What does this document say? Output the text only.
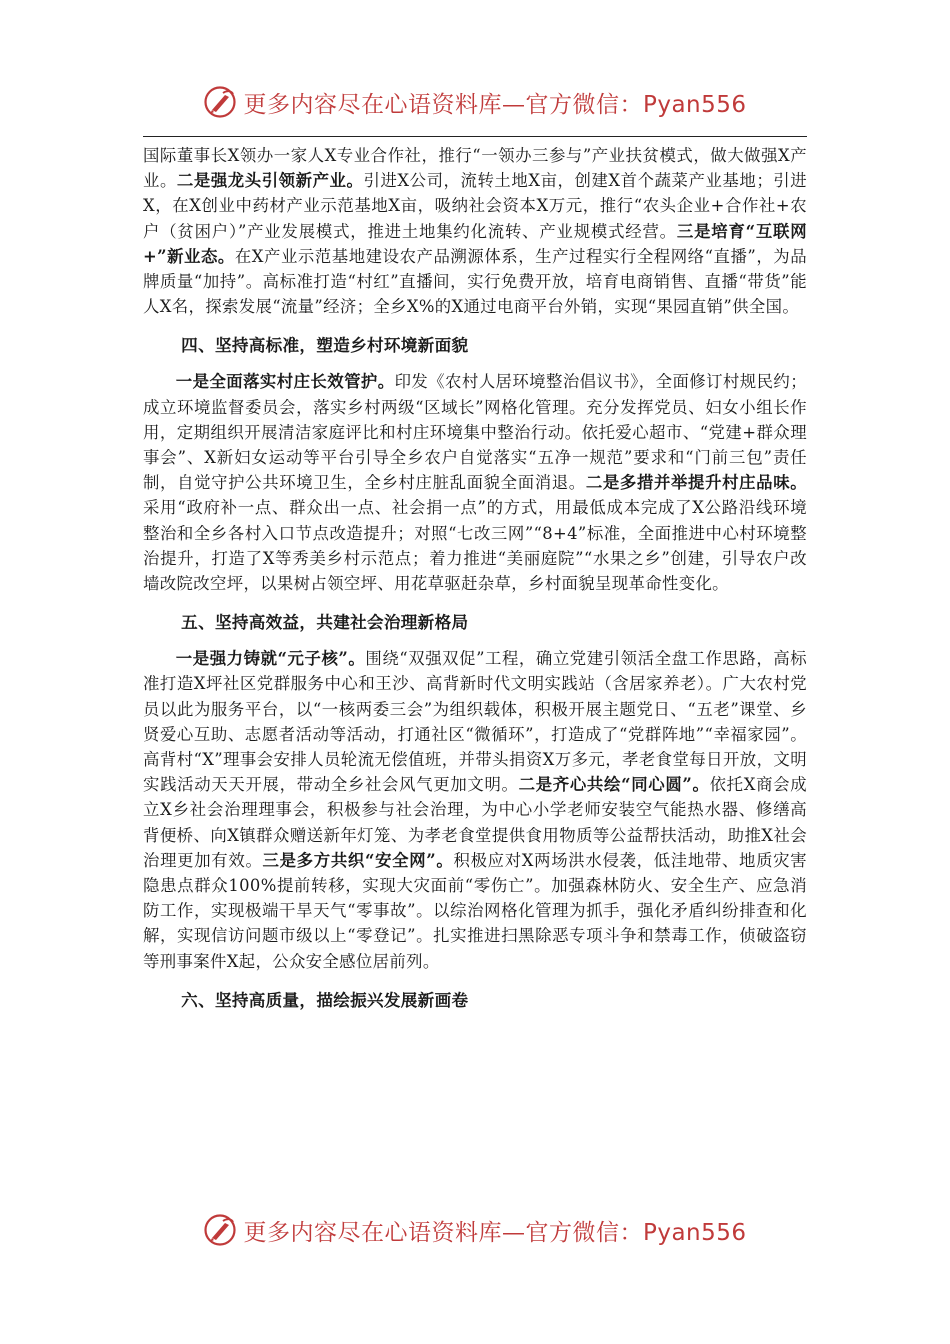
更多内容尽在心语资料库—官方微信：Pyan556

国际董事长X领办一家人X专业合作社，推行“一领办三参与”产业扶贫模式，做大做强X产业。二是强龙头引领新产业。引进X公司，流转土地X亩，创建X首个蔬菜产业基地；引进X，在X创业中药材产业示范基地X亩，吸纳社会资本X万元，推行“农头企业+合作社+农户（贫困户）”产业发展模式，推进土地集约化流转、产业规模式经营。三是培育“互联网+”新业态。在X产业示范基地建设农产品溯源体系，生产过程实行全程网络“直播”，为品牌质量“加持”。高标准打造“村红”直播间，实行免费开放，培育电商销售、直播“带货”能人X名，探索发展“流量”经济；全乡X%的X通过电商平台外销，实现“果园直销”供全国。

四、坚持高标准，塑造乡村环境新面貌

一是全面落实村庄长效管护。印发《农村人居环境整治倡议书》，全面修订村规民约；成立环境监督委员会，落实乡村两级“区域长”网格化管理。充分发挥党员、妇女小组长作用，定期组织开展清洁家庭评比和村庄环境集中整治行动。依托爱心超市、“党建+群众理事会”、X新妇女运动等平台引导全乡农户自觉落实“五净一规范”要求和“门前三包”责任制，自觉守护公共环境卫生，全乡村庄脏乱面貌全面消退。二是多措并举提升村庄品味。采用“政府补一点、群众出一点、社会捐一点”的方式，用最低成本完成了X公路沿线环境整治和全乡各村入口节点改造提升；对照“七改三网”“8+4”标准，全面推进中心村环境整治提升，打造了X等秀美乡村示范点；着力推进“美丽庭院”“水果之乡”创建，引导农户改墙改院改空坪，以果树占领空坪、用花草驱赶杂草，乡村面貌呈现革命性变化。

五、坚持高效益，共建社会治理新格局

一是强力铸就“元子核”。围绕“双强双促”工程，确立党建引领活全盘工作思路，高标准打造X坪社区党群服务中心和王沙、高背新时代文明实践站（含居家养老）。广大农村党员以此为服务平台，以“一核两委三会”为组织载体，积极开展主题党日、“五老”课堂、乡贤爱心互助、志愿者活动等活动，打通社区“微循环”，打造成了“党群阵地”“幸福家园”。高背村“X”理事会安排人员轮流无偿值班，并带头捐资X万多元，孝老食堂每日开放，文明实践活动天天开展，带动全乡社会风气更加文明。二是齐心共绘“同心圆”。依托X商会成立X乡社会治理理事会，积极参与社会治理，为中心小学老师安装空气能热水器、修缮高背便桥、向X镇群众赠送新年灯笼、为孝老食堂提供食用物质等公益帮扶活动，助推X社会治理更加有效。三是多方共织“安全网”。积极应对X两场洪水侵袭，低洼地带、地质灾害隐患点群众100%提前转移，实现大灾面前“零伤亡”。加强森林防火、安全生产、应急消防工作，实现极端干旱天气“零事故”。以综治网格化管理为抓手，强化矛盾纠纷排查和化解，实现信访问题市级以上“零登记”。扎实推进扫黑除恶专项斗争和禁毒工作，侦破盗窃等刑事案件X起，公众安全感位居前列。

六、坚持高质量，描绘振兴发展新画卷
更多内容尽在心语资料库—官方微信：Pyan556
